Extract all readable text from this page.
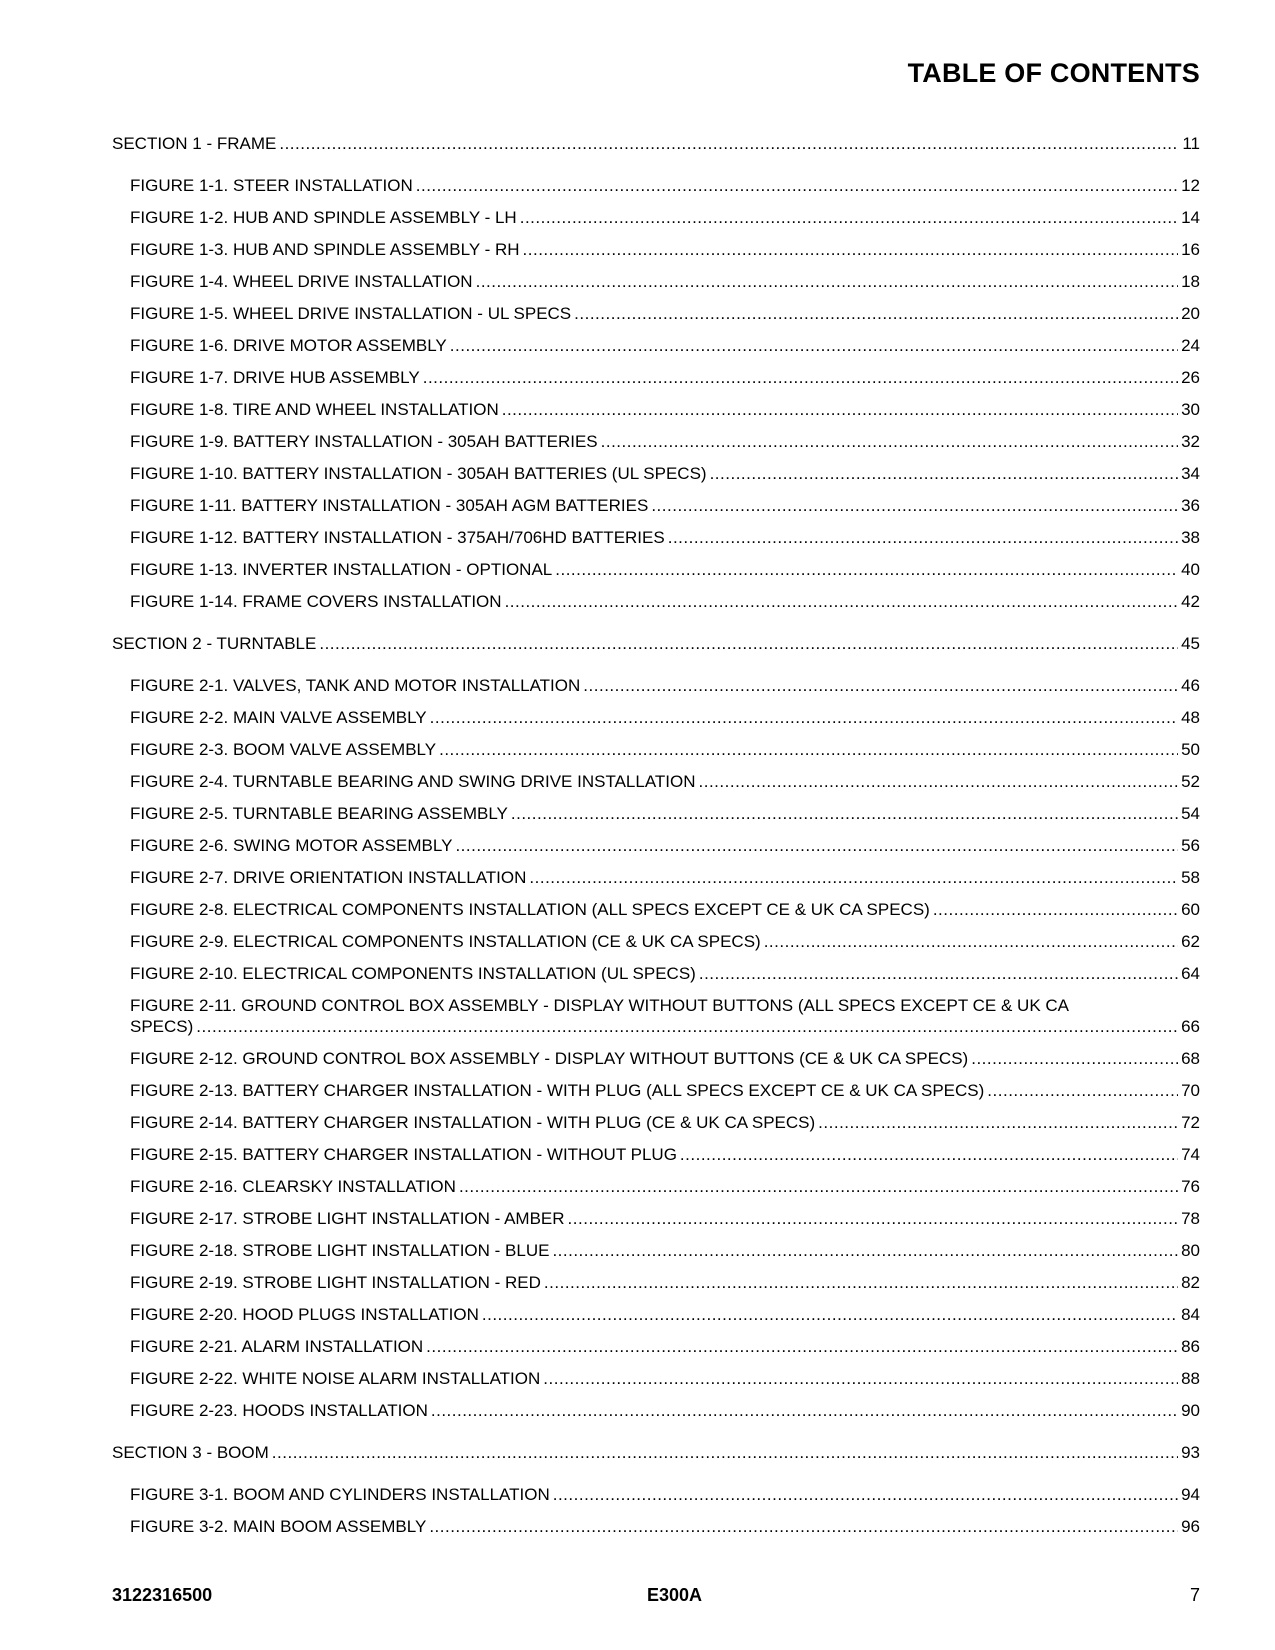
TABLE OF CONTENTS
SECTION 1 - FRAME .....	11
FIGURE 1-1. STEER INSTALLATION .....	12
FIGURE 1-2. HUB AND SPINDLE ASSEMBLY - LH .....	14
FIGURE 1-3. HUB AND SPINDLE ASSEMBLY - RH .....	16
FIGURE 1-4. WHEEL DRIVE INSTALLATION .....	18
FIGURE 1-5. WHEEL DRIVE INSTALLATION - UL SPECS .....	20
FIGURE 1-6. DRIVE MOTOR ASSEMBLY .....	24
FIGURE 1-7. DRIVE HUB ASSEMBLY .....	26
FIGURE 1-8. TIRE AND WHEEL INSTALLATION .....	30
FIGURE 1-9. BATTERY INSTALLATION - 305AH BATTERIES .....	32
FIGURE 1-10. BATTERY INSTALLATION - 305AH BATTERIES (UL SPECS) .....	34
FIGURE 1-11. BATTERY INSTALLATION - 305AH AGM BATTERIES .....	36
FIGURE 1-12. BATTERY INSTALLATION - 375AH/706HD BATTERIES .....	38
FIGURE 1-13. INVERTER INSTALLATION - OPTIONAL .....	40
FIGURE 1-14. FRAME COVERS INSTALLATION .....	42
SECTION 2 - TURNTABLE .....	45
FIGURE 2-1. VALVES, TANK AND MOTOR INSTALLATION .....	46
FIGURE 2-2. MAIN VALVE ASSEMBLY .....	48
FIGURE 2-3. BOOM VALVE ASSEMBLY .....	50
FIGURE 2-4. TURNTABLE BEARING AND SWING DRIVE INSTALLATION .....	52
FIGURE 2-5. TURNTABLE BEARING ASSEMBLY .....	54
FIGURE 2-6. SWING MOTOR ASSEMBLY .....	56
FIGURE 2-7. DRIVE ORIENTATION INSTALLATION .....	58
FIGURE 2-8. ELECTRICAL COMPONENTS INSTALLATION (ALL SPECS EXCEPT CE & UK CA SPECS) .....	60
FIGURE 2-9. ELECTRICAL COMPONENTS INSTALLATION (CE & UK CA SPECS) .....	62
FIGURE 2-10. ELECTRICAL COMPONENTS INSTALLATION (UL SPECS) .....	64
FIGURE 2-11. GROUND CONTROL BOX ASSEMBLY - DISPLAY WITHOUT BUTTONS (ALL SPECS EXCEPT CE & UK CA
SPECS) .....	66
FIGURE 2-12. GROUND CONTROL BOX ASSEMBLY - DISPLAY WITHOUT BUTTONS (CE & UK CA SPECS) .....	68
FIGURE 2-13. BATTERY CHARGER INSTALLATION - WITH PLUG (ALL SPECS EXCEPT CE & UK CA SPECS) .....	70
FIGURE 2-14. BATTERY CHARGER INSTALLATION - WITH PLUG (CE & UK CA SPECS) .....	72
FIGURE 2-15. BATTERY CHARGER INSTALLATION - WITHOUT PLUG .....	74
FIGURE 2-16. CLEARSKY INSTALLATION .....	76
FIGURE 2-17. STROBE LIGHT INSTALLATION - AMBER .....	78
FIGURE 2-18. STROBE LIGHT INSTALLATION - BLUE .....	80
FIGURE 2-19. STROBE LIGHT INSTALLATION - RED .....	82
FIGURE 2-20. HOOD PLUGS INSTALLATION .....	84
FIGURE 2-21. ALARM INSTALLATION .....	86
FIGURE 2-22. WHITE NOISE ALARM INSTALLATION .....	88
FIGURE 2-23. HOODS INSTALLATION .....	90
SECTION 3 - BOOM .....	93
FIGURE 3-1. BOOM AND CYLINDERS INSTALLATION .....	94
FIGURE 3-2. MAIN BOOM ASSEMBLY .....	96
3122316500	E300A	7
